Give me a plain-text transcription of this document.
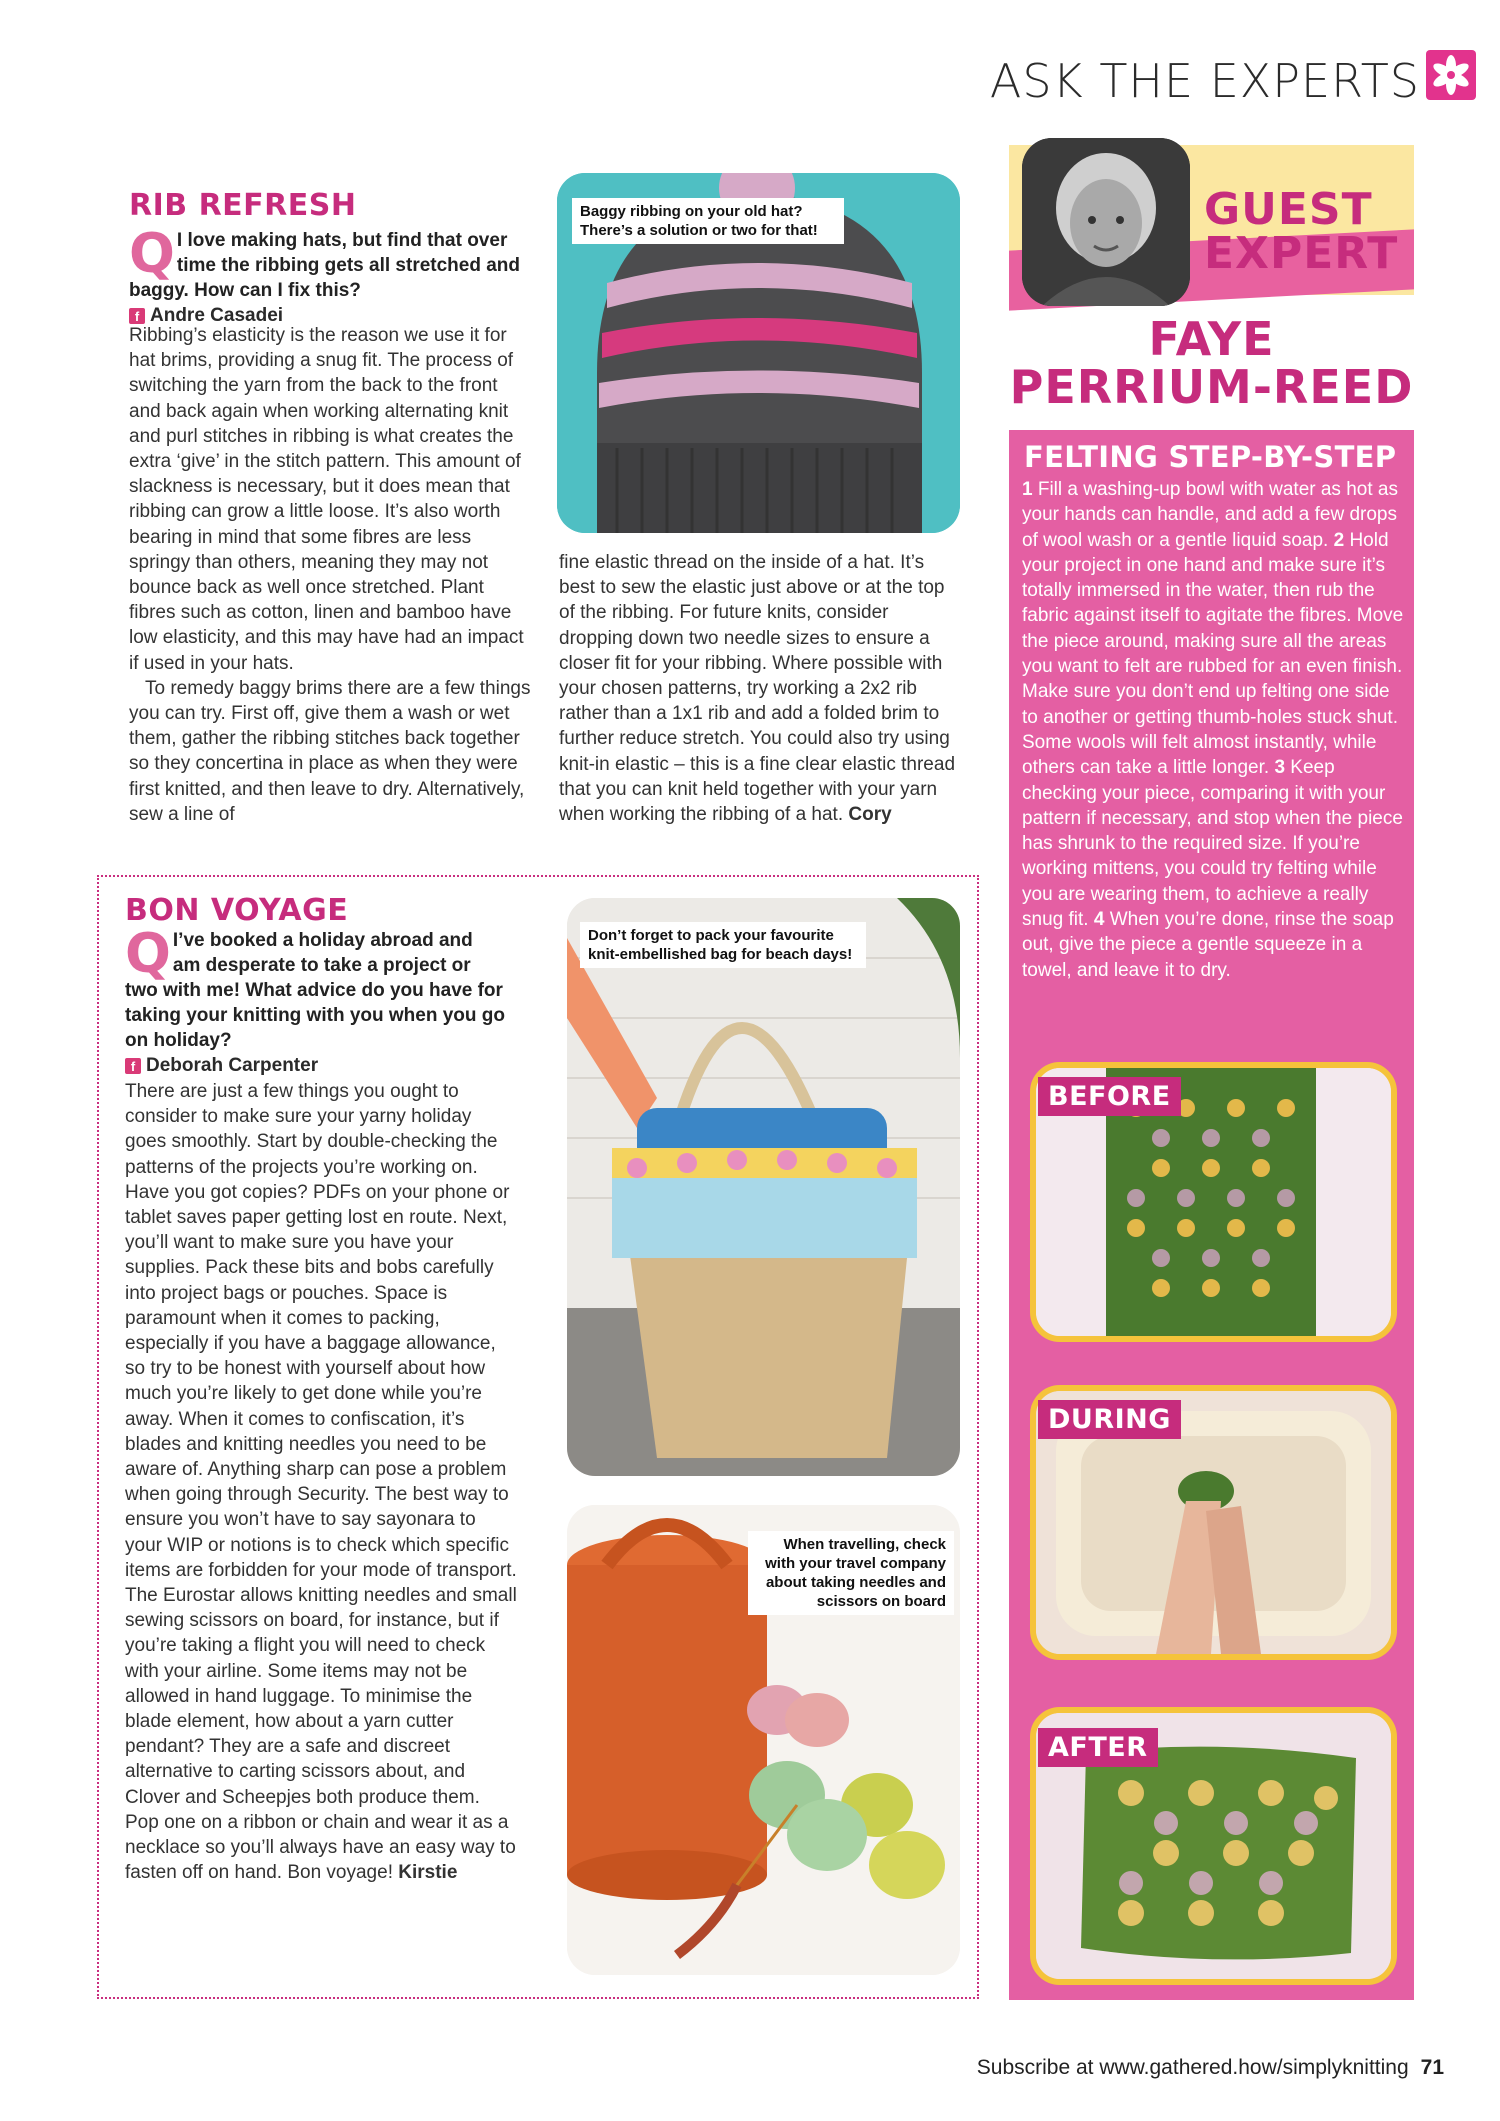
ASK THE EXPERTS
RIB REFRESH
Q I love making hats, but find that over time the ribbing gets all stretched and baggy. How can I fix this?
f Andre Casadei

Ribbing’s elasticity is the reason we use it for hat brims, providing a snug fit. The process of switching the yarn from the back to the front and back again when working alternating knit and purl stitches in ribbing is what creates the extra ‘give’ in the stitch pattern. This amount of slackness is necessary, but it does mean that ribbing can grow a little loose. It’s also worth bearing in mind that some fibres are less springy than others, meaning they may not bounce back as well once stretched. Plant fibres such as cotton, linen and bamboo have low elasticity, and this may have had an impact if used in your hats.

To remedy baggy brims there are a few things you can try. First off, give them a wash or wet them, gather the ribbing stitches back together so they concertina in place as when they were first knitted, and then leave to dry. Alternatively, sew a line of

fine elastic thread on the inside of a hat. It’s best to sew the elastic just above or at the top of the ribbing. For future knits, consider dropping down two needle sizes to ensure a closer fit for your ribbing. Where possible with your chosen patterns, try working a 2x2 rib rather than a 1x1 rib and add a folded brim to further reduce stretch. You could also try using knit-in elastic – this is a fine clear elastic thread that you can knit held together with your yarn when working the ribbing of a hat. Cory

Baggy ribbing on your old hat? There’s a solution or two for that!
BON VOYAGE
Q I’ve booked a holiday abroad and am desperate to take a project or two with me! What advice do you have for taking your knitting with you when you go on holiday?
f Deborah Carpenter

There are just a few things you ought to consider to make sure your yarny holiday goes smoothly. Start by double-checking the patterns of the projects you’re working on. Have you got copies? PDFs on your phone or tablet saves paper getting lost en route. Next, you’ll want to make sure you have your supplies. Pack these bits and bobs carefully into project bags or pouches. Space is paramount when it comes to packing, especially if you have a baggage allowance, so try to be honest with yourself about how much you’re likely to get done while you’re away. When it comes to confiscation, it’s blades and knitting needles you need to be aware of. Anything sharp can pose a problem when going through Security. The best way to ensure you won’t have to say sayonara to your WIP or notions is to check which specific items are forbidden for your mode of transport. The Eurostar allows knitting needles and small sewing scissors on board, for instance, but if you’re taking a flight you will need to check with your airline. Some items may not be allowed in hand luggage. To minimise the blade element, how about a yarn cutter pendant? They are a safe and discreet alternative to carting scissors about, and Clover and Scheepjes both produce them. Pop one on a ribbon or chain and wear it as a necklace so you’ll always have an easy way to fasten off on hand. Bon voyage! Kirstie

Don’t forget to pack your favourite knit-embellished bag for beach days!
When travelling, check with your travel company about taking needles and scissors on board
GUEST
EXPERT
FAYE
PERRIUM-REED
FELTING STEP-BY-STEP
1 Fill a washing-up bowl with water as hot as your hands can handle, and add a few drops of wool wash or a gentle liquid soap. 2 Hold your project in one hand and make sure it’s totally immersed in the water, then rub the fabric against itself to agitate the fibres. Move the piece around, making sure all the areas you want to felt are rubbed for an even finish. Make sure you don’t end up felting one side to another or getting thumb-holes stuck shut. Some wools will felt almost instantly, while others can take a little longer. 3 Keep checking your piece, comparing it with your pattern if necessary, and stop when the piece has shrunk to the required size. If you’re working mittens, you could try felting while you are wearing them, to achieve a really snug fit. 4 When you’re done, rinse the soap out, give the piece a gentle squeeze in a towel, and leave it to dry.
BEFORE
DURING
AFTER
Subscribe at www.gathered.how/simplyknitting 71
